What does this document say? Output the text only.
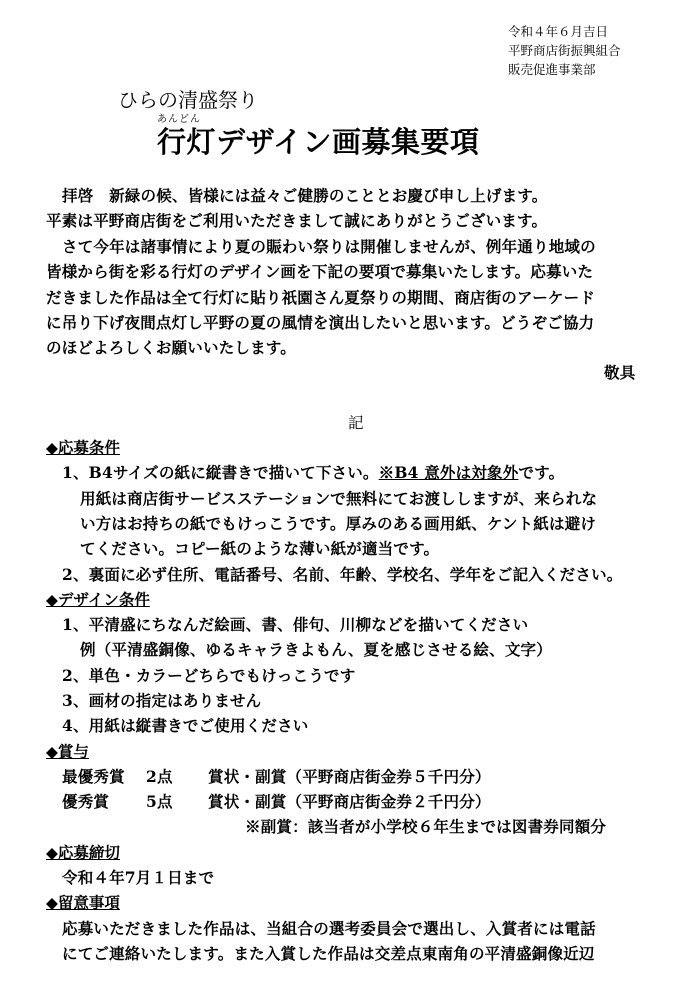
令和４年６月吉日
平野商店街振興組合
販売促進事業部
ひらの清盛祭り
あんどん
行灯デザイン画募集要項
拝啓　新緑の候、皆様には益々ご健勝のこととお慶び申し上げます。
平素は平野商店街をご利用いただきまして誠にありがとうございます。
さて今年は諸事情により夏の賑わい祭りは開催しませんが、例年通り地域の
皆様から街を彩る行灯のデザイン画を下記の要項で募集いたします。応募いた
だきました作品は全て行灯に貼り祇園さん夏祭りの期間、商店街のアーケード
に吊り下げ夜間点灯し平野の夏の風情を演出したいと思います。どうぞご協力
のほどよろしくお願いいたします。
敬具
記
◆応募条件
1、B4サイズの紙に縦書きで描いて下さい。※B4 意外は対象外です。
用紙は商店街サービスステーションで無料にてお渡ししますが、来られな
い方はお持ちの紙でもけっこうです。厚みのある画用紙、ケント紙は避け
てください。コピー紙のような薄い紙が適当です。
2、裏面に必ず住所、電話番号、名前、年齢、学校名、学年をご記入ください。
◆デザイン条件
1、平清盛にちなんだ絵画、書、俳句、川柳などを描いてください
例（平清盛銅像、ゆるキャラきよもん、夏を感じさせる絵、文字）
2、単色・カラーどちらでもけっこうです
3、画材の指定はありません
4、用紙は縦書きでご使用ください
◆賞与
最優秀賞 2点 賞状・副賞（平野商店街金券５千円分）
優秀賞 5点 賞状・副賞（平野商店街金券２千円分）
※副賞：該当者が小学校６年生までは図書券同額分
◆応募締切
令和４年7月１日まで
◆留意事項
応募いただきました作品は、当組合の選考委員会で選出し、入賞者には電話
にてご連絡いたします。また入賞した作品は交差点東南角の平清盛銅像近辺
